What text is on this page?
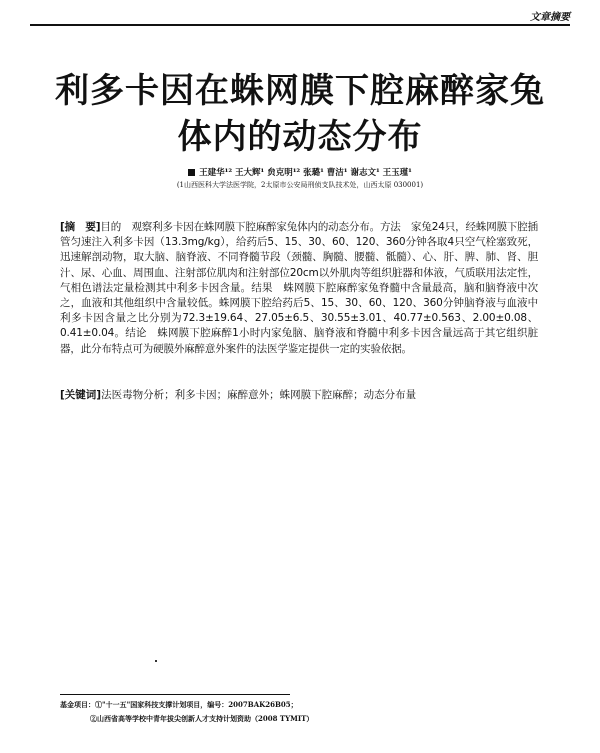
文章摘要
利多卡因在蛛网膜下腔麻醉家兔
体内的动态分布
王建华¹² 王大辉¹ 贠克明¹² 张璐¹ 曹洁¹ 谢志文¹ 王玉瑾¹
(1山西医科大学法医学院，2太原市公安局刑侦支队技术处，山西太原 030001)
[摘　要]目的　观察利多卡因在蛛网膜下腔麻醉家兔体内的动态分布。方法　家兔24只，经蛛网膜下腔插管匀速注入利多卡因（13.3mg/kg），给药后5、15、30、60、120、360分钟各取4只空气栓塞致死，迅速解剖动物，取大脑、脑脊液、不同脊髓节段（颈髓、胸髓、腰髓、骶髓）、心、肝、脾、肺、肾、胆汁、尿、心血、周围血、注射部位肌肉和注射部位20cm以外肌肉等组织脏器和体液，气质联用法定性，气相色谱法定量检测其中利多卡因含量。结果　蛛网膜下腔麻醉家兔脊髓中含量最高，脑和脑脊液中次之，血液和其他组织中含量较低。蛛网膜下腔给药后5、15、30、60、120、360分钟脑脊液与血液中利多卡因含量之比分别为72.3±19.64、27.05±6.5、30.55±3.01、40.77±0.563、2.00±0.08、0.41±0.04。结论　蛛网膜下腔麻醉1小时内家兔脑、脑脊液和脊髓中利多卡因含量远高于其它组织脏器，此分布特点可为硬膜外麻醉意外案件的法医学鉴定提供一定的实验依据。
[关键词]法医毒物分析；利多卡因；麻醉意外；蛛网膜下腔麻醉；动态分布量
基金项目：①"十一五"国家科技支撑计划项目，编号：2007BAK26B05；
②山西省高等学校中青年拔尖创新人才支持计划资助（2008 TYMIT）
